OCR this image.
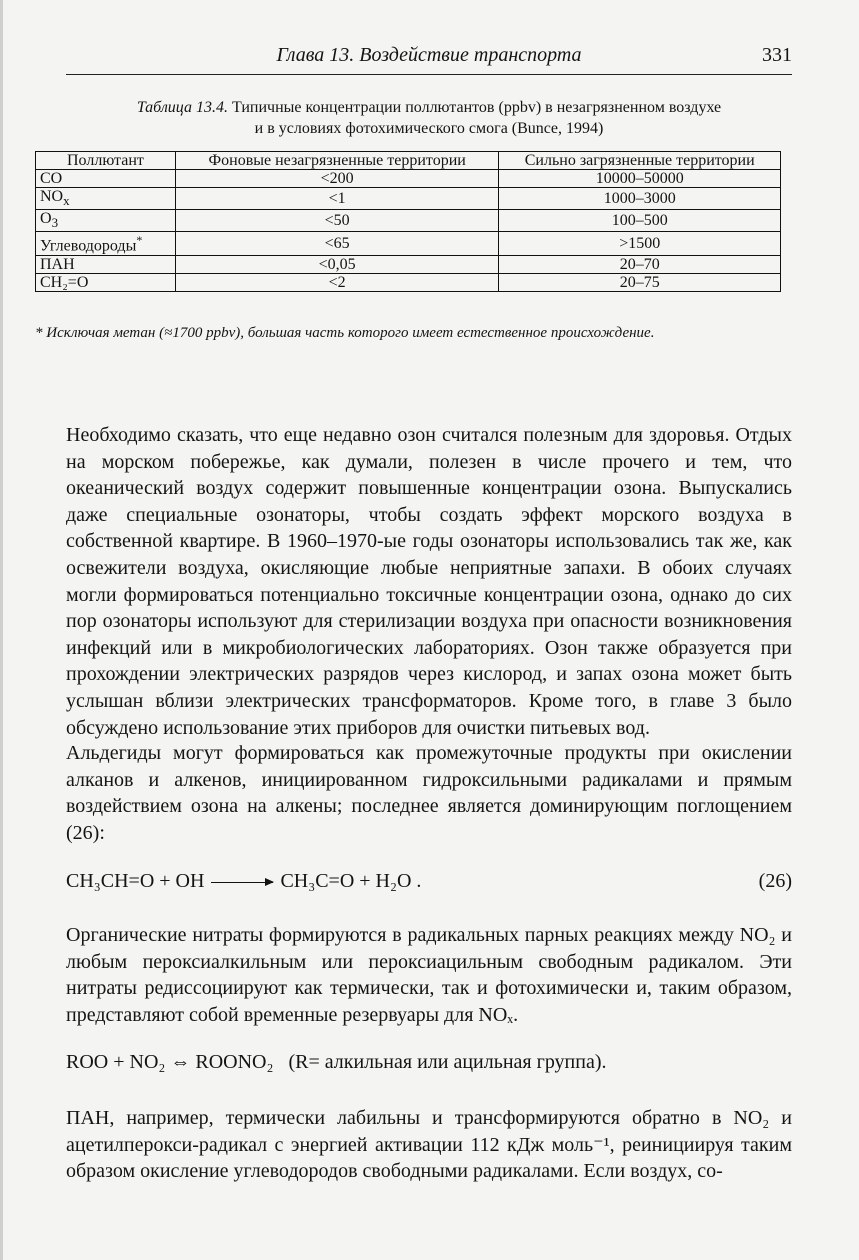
Глава 13. Воздействие транспорта	331
Таблица 13.4. Типичные концентрации поллютантов (ppbv) в незагрязненном воздухе
и в условиях фотохимического смога (Bunce, 1994)
Поллютант	Фоновые незагрязненные территории	Сильно загрязненные территории
CO	<200	10000–50000
$NO_x$	<1	1000–3000
$O_3$	<50	100–500
Углеводороды*	<65	>1500
ПАН	<0,05	20–70
CH₂=O	<2	20–75
* Исключая метан (≈1700 ppbv), большая часть которого имеет естественное происхождение.
Необходимо сказать, что еще недавно озон считался полезным для здоровья. Отдых на морском побережье, как думали, полезен в числе прочего и тем, что океанический воздух содержит повышенные концентрации озона. Выпускались даже специальные озонаторы, чтобы создать эффект морского воздуха в собственной квартире. В 1960–1970-ые годы озонаторы использовались так же, как освежители воздуха, окисляющие любые неприятные запахи. В обоих случаях могли формироваться потенциально токсичные концентрации озона, однако до сих пор озонаторы используют для стерилизации воздуха при опасности возникновения инфекций или в микробиологических лабораториях. Озон также образуется при прохождении электрических разрядов через кислород, и запах озона может быть услышан вблизи электрических трансформаторов. Кроме того, в главе 3 было обсуждено использование этих приборов для очистки питьевых вод.
Альдегиды могут формироваться как промежуточные продукты при окислении алканов и алкенов, инициированном гидроксильными радикалами и прямым воздействием озона на алкены; последнее является доминирующим поглощением (26):
CH₃CH=O + OH → CH₃C=O + H₂O .	(26)
Органические нитраты формируются в радикальных парных реакциях между NO₂ и любым пероксиалкильным или пероксиацильным свободным радикалом. Эти нитраты редиссоциируют как термически, так и фотохимически и, таким образом, представляют собой временные резервуары для NOₓ.
ROO + NO₂ ⇔ ROONO₂ (R= алкильная или ацильная группа).
ПАН, например, термически лабильны и трансформируются обратно в NO₂ и ацетилперокси-радикал с энергией активации 112 кДж моль⁻¹, реинициируя таким образом окисление углеводородов свободными радикалами. Если воздух, со-
